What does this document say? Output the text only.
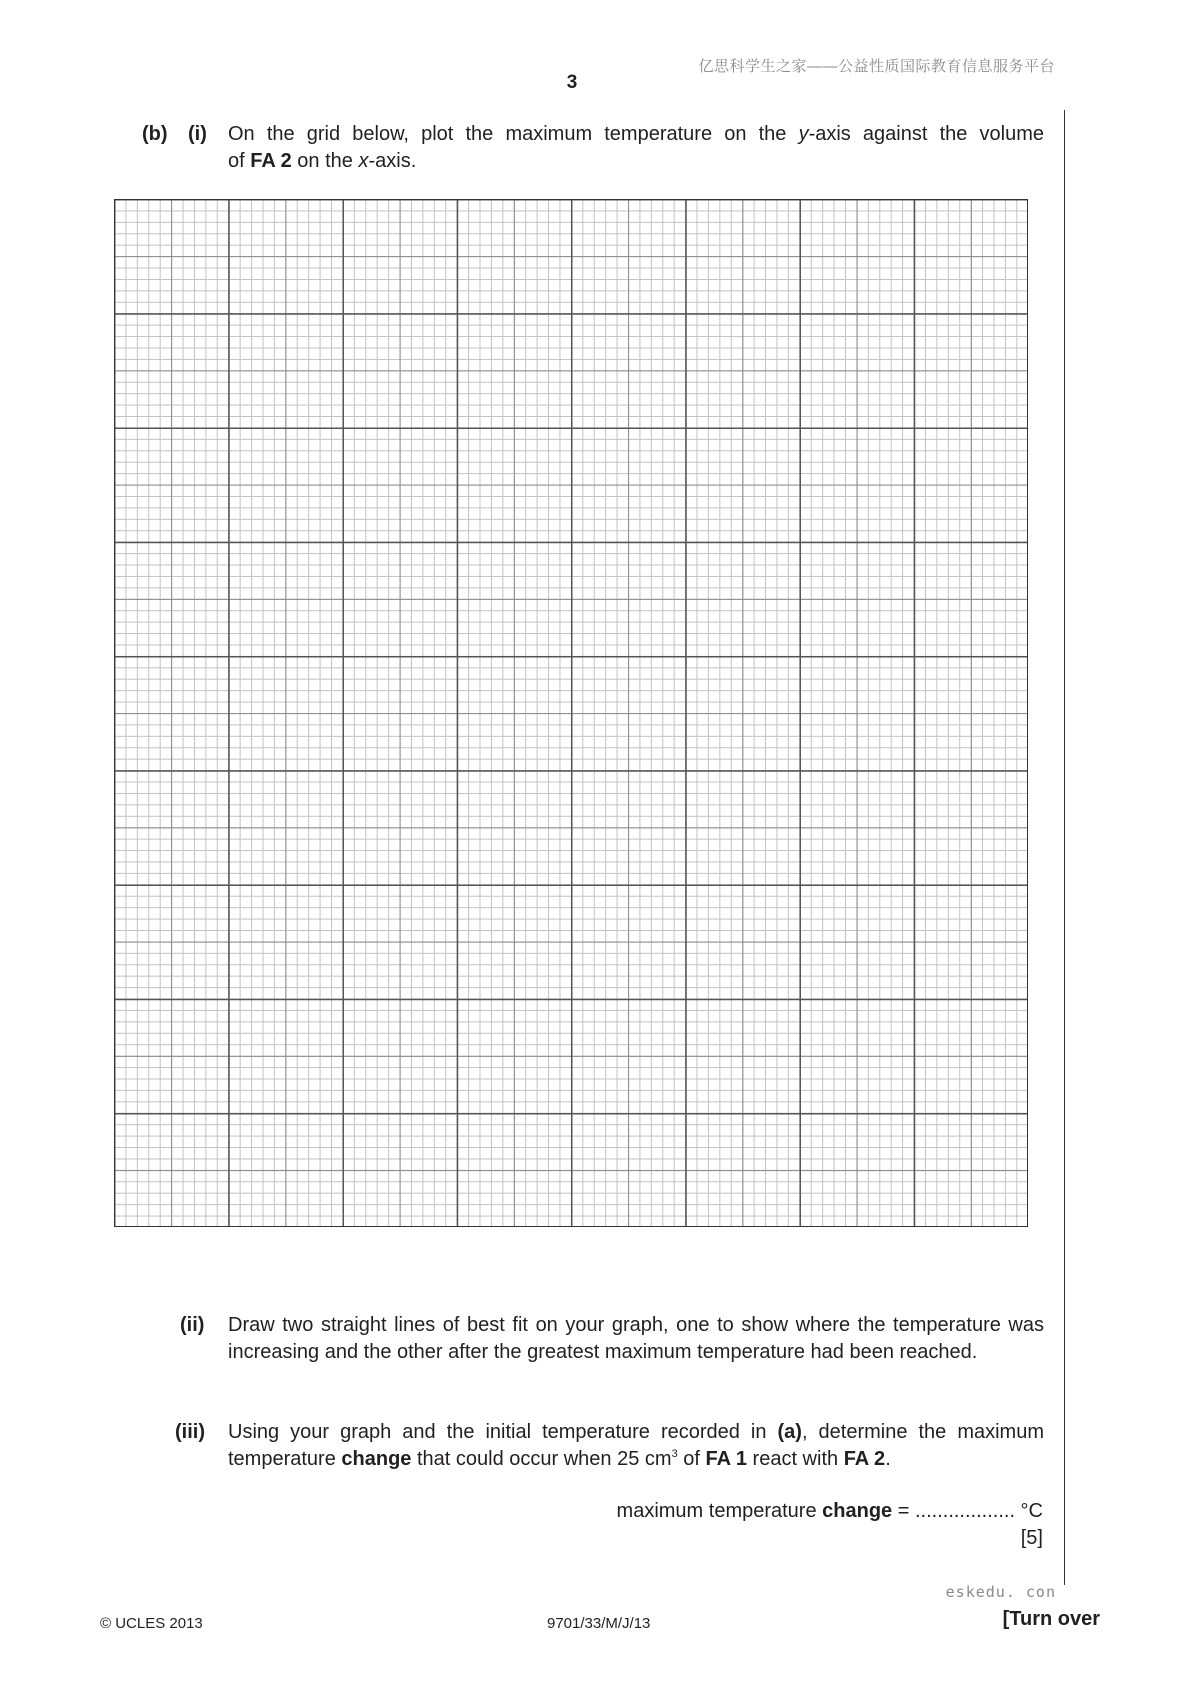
亿思科学生之家——公益性质国际教育信息服务平台
3
(b) (i) On the grid below, plot the maximum temperature on the y-axis against the volume
of FA 2 on the x-axis.
(ii) Draw two straight lines of best fit on your graph, one to show where the temperature was increasing and the other after the greatest maximum temperature had been reached.
(iii) Using your graph and the initial temperature recorded in (a), determine the maximum
temperature change that could occur when 25 $cm^3$ of FA 1 react with FA 2.
maximum temperature change = .................. °C
[5]
eskedu. con
© UCLES 2013	9701/33/M/J/13	[Turn over
